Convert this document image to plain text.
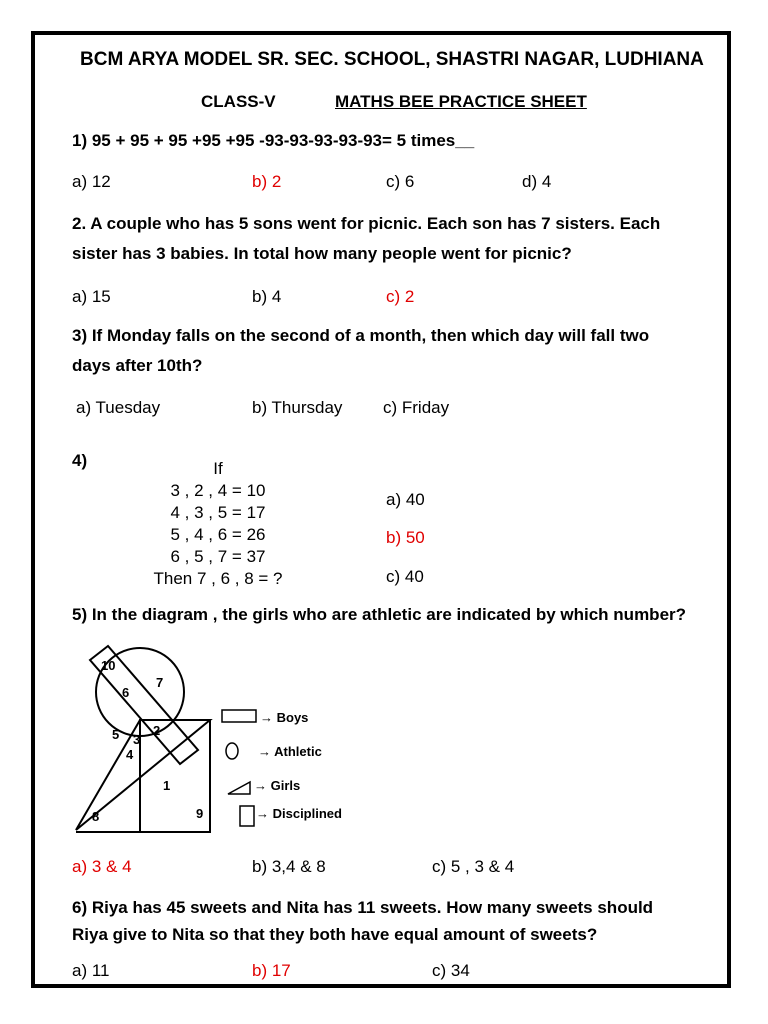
BCM ARYA MODEL SR. SEC. SCHOOL, SHASTRI NAGAR, LUDHIANA
CLASS-V	MATHS BEE PRACTICE SHEET
1) 95 + 95 + 95 +95 +95 -93-93-93-93-93= 5 times__
a) 12	b) 2	c) 6	d) 4
2. A couple who has 5 sons went for picnic. Each son has 7 sisters. Each
sister has 3 babies. In total how many people went for picnic?
a) 15	b) 4	c) 2
3) If Monday falls on the second of a month, then which day will fall two
days after 10th?
a) Tuesday	b) Thursday c) Friday
4)	If
3 , 2 , 4 = 10
4 , 3 , 5 = 17
5 , 4 , 6 = 26
6 , 5 , 7 = 37
Then 7 , 6 , 8 = ?
a) 40
b) 50
c) 40
5) In the diagram , the girls who are athletic are indicated by which number?
10
6
7
5 3
2
4
1
8	9
→ Boys
→ Athletic
→ Girls
→ Disciplined
a) 3 & 4	b) 3,4 & 8	c) 5 , 3 & 4
6) Riya has 45 sweets and Nita has 11 sweets. How many sweets should
Riya give to Nita so that they both have equal amount of sweets?
a) 11	b) 17	c) 34
